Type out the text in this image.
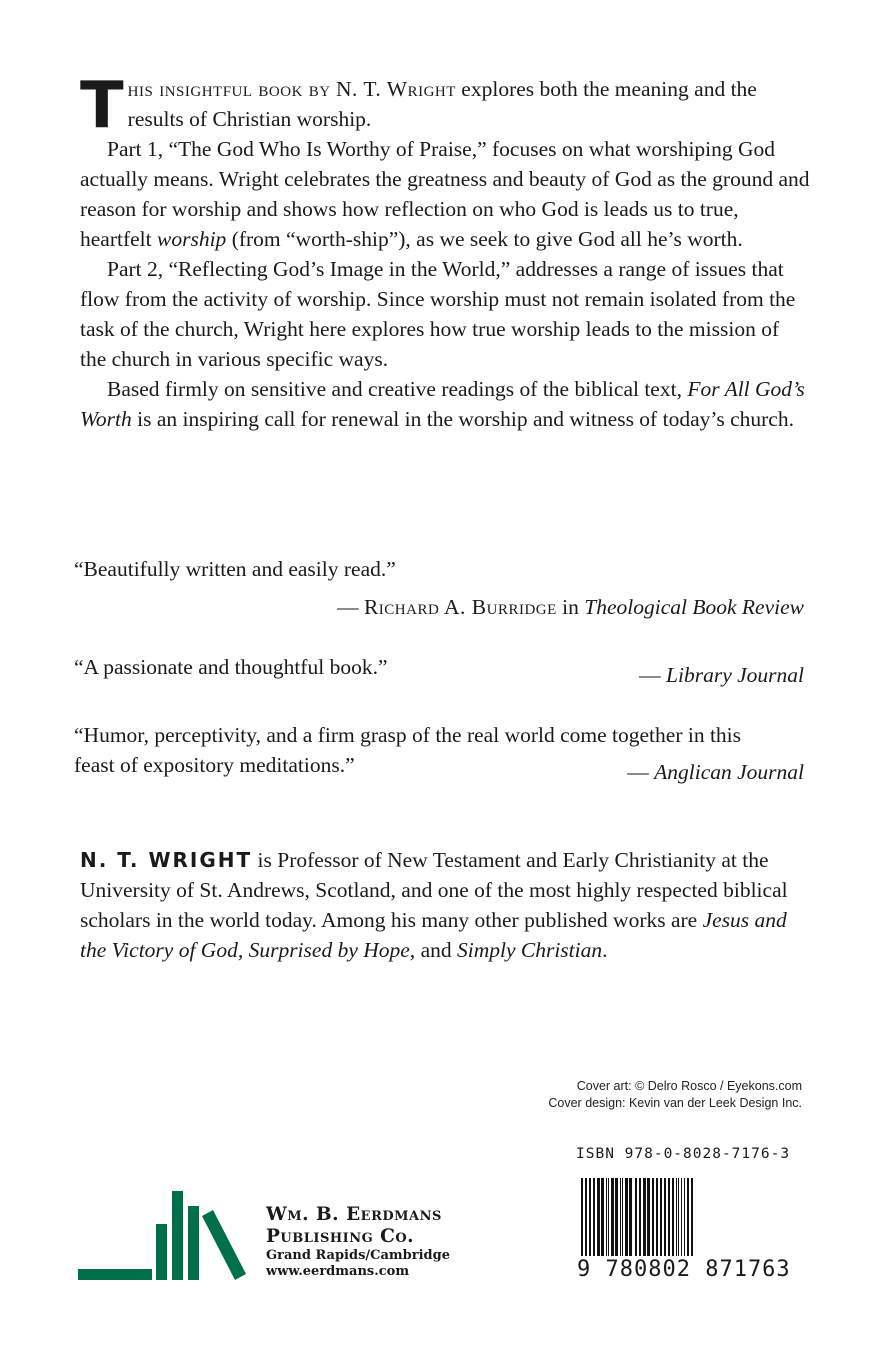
This insightful book by N. T. Wright explores both the meaning and the results of Christian worship.

Part 1, “The God Who Is Worthy of Praise,” focuses on what worshiping God actually means. Wright celebrates the greatness and beauty of God as the ground and reason for worship and shows how reflection on who God is leads us to true, heartfelt worship (from “worth-ship”), as we seek to give God all he’s worth.

Part 2, “Reflecting God’s Image in the World,” addresses a range of issues that flow from the activity of worship. Since worship must not remain isolated from the task of the church, Wright here explores how true worship leads to the mission of the church in various specific ways.

Based firmly on sensitive and creative readings of the biblical text, For All God’s Worth is an inspiring call for renewal in the worship and witness of today’s church.

“Beautifully written and easily read.”

— Richard A. Burridge in Theological Book Review

“A passionate and thoughtful book.”	— Library Journal

“Humor, perceptivity, and a firm grasp of the real world come together in this feast of expository meditations.”	— Anglican Journal

N. T. WRIGHT is Professor of New Testament and Early Christianity at the University of St. Andrews, Scotland, and one of the most highly respected biblical scholars in the world today. Among his many other published works are Jesus and the Victory of God, Surprised by Hope, and Simply Christian.

Cover art: © Delro Rosco / Eyekons.com
Cover design: Kevin van der Leek Design Inc.
ISBN 978-0-8028-7176-3
9 780802 871763
Wm. B. Eerdmans
Publishing Co.
Grand Rapids/Cambridge
www.eerdmans.com
